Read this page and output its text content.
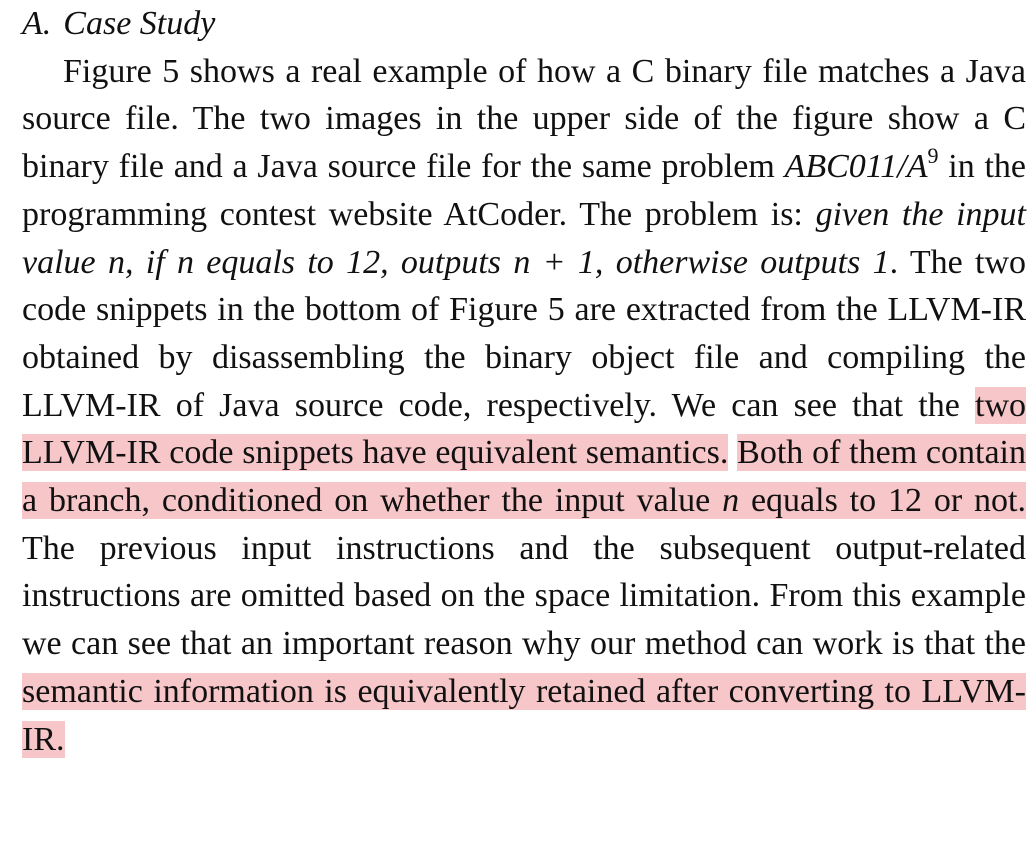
A. Case Study

Figure 5 shows a real example of how a C binary file matches a Java source file. The two images in the upper side of the figure show a C binary file and a Java source file for the same problem $ABC011/A^9$ in the programming contest website AtCoder. The problem is: given the input value n, if n equals to 12, outputs n + 1, otherwise outputs 1. The two code snippets in the bottom of Figure 5 are extracted from the LLVM-IR obtained by disassembling the binary object file and compiling the LLVM-IR of Java source code, respectively. We can see that the two LLVM-IR code snippets have equivalent semantics. Both of them contain a branch, conditioned on whether the input value n equals to 12 or not. The previous input instructions and the subsequent output-related instructions are omitted based on the space limitation. From this example we can see that an important reason why our method can work is that the semantic information is equivalently retained after converting to LLVM-IR.
